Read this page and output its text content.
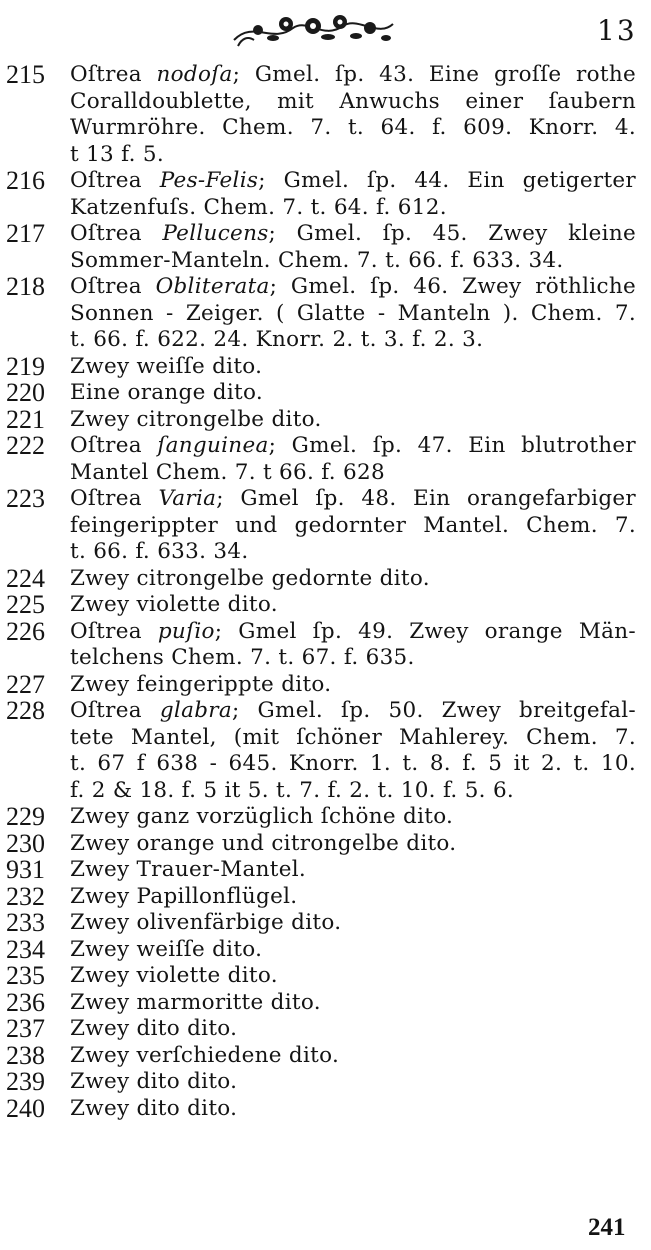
13
215	Oſtrea nodoſa; Gmel. ſp. 43. Eine groſſe rothe
Coralldoublette, mit Anwuchs einer ſaubern
Wurmröhre. Chem. 7. t. 64. f. 609. Knorr. 4.
t 13 f. 5.
216	Oſtrea Pes-Felis; Gmel. ſp. 44. Ein getigerter
Katzenfuſs. Chem. 7. t. 64. f. 612.
217	Oſtrea Pellucens; Gmel. ſp. 45. Zwey kleine
Sommer-Manteln. Chem. 7. t. 66. f. 633. 34.
218	Oſtrea Obliterata; Gmel. ſp. 46. Zwey röthliche
Sonnen - Zeiger. ( Glatte - Manteln ). Chem. 7.
t. 66. f. 622. 24. Knorr. 2. t. 3. f. 2. 3.
219	Zwey weiſſe dito.
220	Eine orange dito.
221	Zwey citrongelbe dito.
222	Oſtrea ſanguinea; Gmel. ſp. 47. Ein blutrother
Mantel Chem. 7. t 66. f. 628
223	Oſtrea Varia; Gmel ſp. 48. Ein orangefarbiger
feingerippter und gedornter Mantel. Chem. 7.
t. 66. f. 633. 34.
224	Zwey citrongelbe gedornte dito.
225	Zwey violette dito.
226	Oſtrea puſio; Gmel ſp. 49. Zwey orange Män-
telchens Chem. 7. t. 67. f. 635.
227	Zwey feingerippte dito.
228	Oſtrea glabra; Gmel. ſp. 50. Zwey breitgefal-
tete Mantel, (mit ſchöner Mahlerey. Chem. 7.
t. 67 f 638 - 645. Knorr. 1. t. 8. f. 5 it 2. t. 10.
f. 2 & 18. f. 5 it 5. t. 7. f. 2. t. 10. f. 5. 6.
229	Zwey ganz vorzüglich ſchöne dito.
230	Zwey orange und citrongelbe dito.
931	Zwey Trauer-Mantel.
232	Zwey Papillonflügel.
233	Zwey olivenfärbige dito.
234	Zwey weiſſe dito.
235	Zwey violette dito.
236	Zwey marmoritte dito.
237	Zwey dito dito.
238	Zwey verſchiedene dito.
239	Zwey dito dito.
240	Zwey dito dito.
241
